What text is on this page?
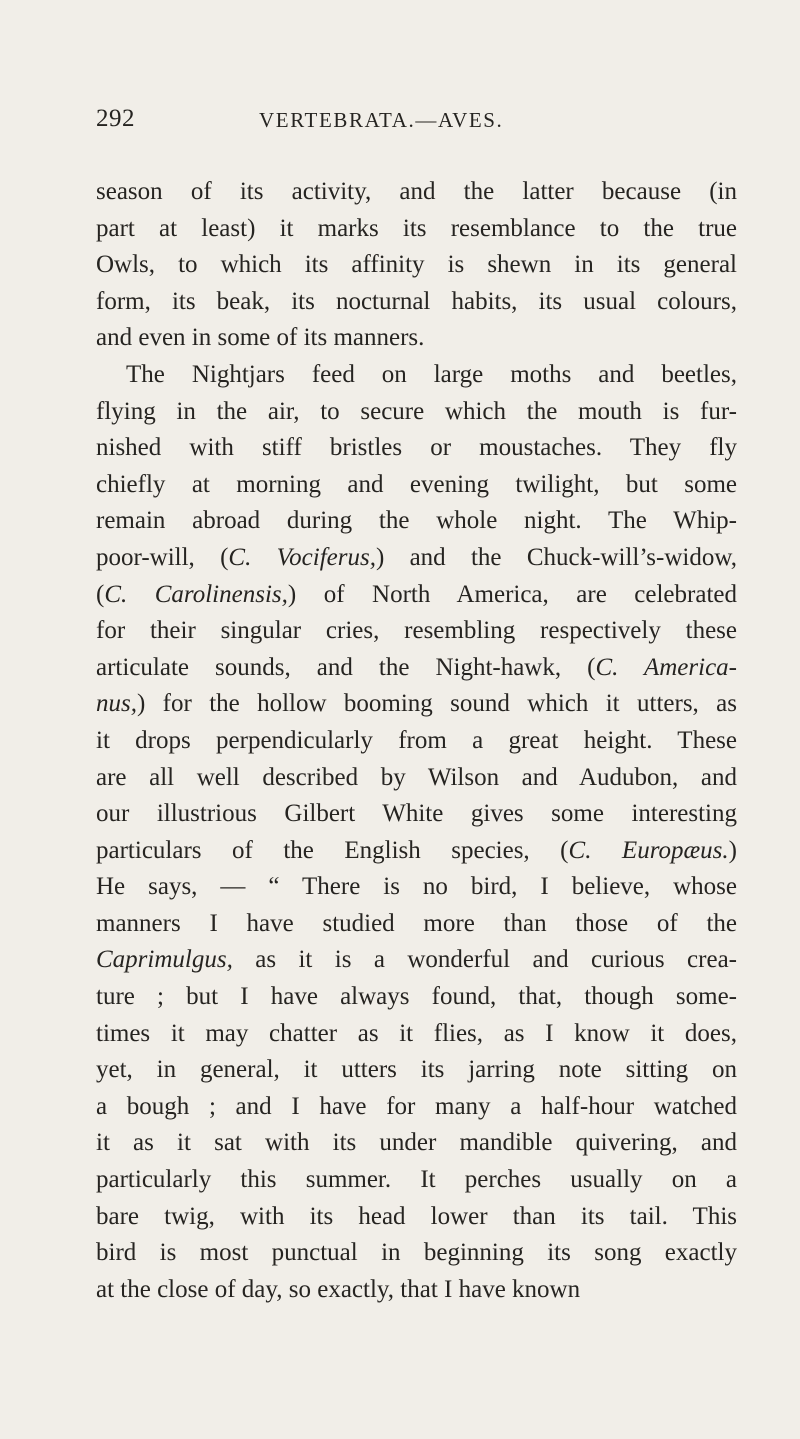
292	VERTEBRATA.—AVES.
season of its activity, and the latter because (in
part at least) it marks its resemblance to the true
Owls, to which its affinity is shewn in its general
form, its beak, its nocturnal habits, its usual colours,
and even in some of its manners.
The Nightjars feed on large moths and beetles,
flying in the air, to secure which the mouth is fur-
nished with stiff bristles or moustaches. They fly
chiefly at morning and evening twilight, but some
remain abroad during the whole night. The Whip-
poor-will, (C. Vociferus,) and the Chuck-will’s-widow,
(C. Carolinensis,) of North America, are celebrated
for their singular cries, resembling respectively these
articulate sounds, and the Night-hawk, (C. America-
nus,) for the hollow booming sound which it utters, as
it drops perpendicularly from a great height. These
are all well described by Wilson and Audubon, and
our illustrious Gilbert White gives some interesting
particulars of the English species, (C. Europæus.)
He says, — “ There is no bird, I believe, whose
manners I have studied more than those of the
Caprimulgus, as it is a wonderful and curious crea-
ture ; but I have always found, that, though some-
times it may chatter as it flies, as I know it does,
yet, in general, it utters its jarring note sitting on
a bough ; and I have for many a half-hour watched
it as it sat with its under mandible quivering, and
particularly this summer. It perches usually on a
bare twig, with its head lower than its tail. This
bird is most punctual in beginning its song exactly
at the close of day, so exactly, that I have known
